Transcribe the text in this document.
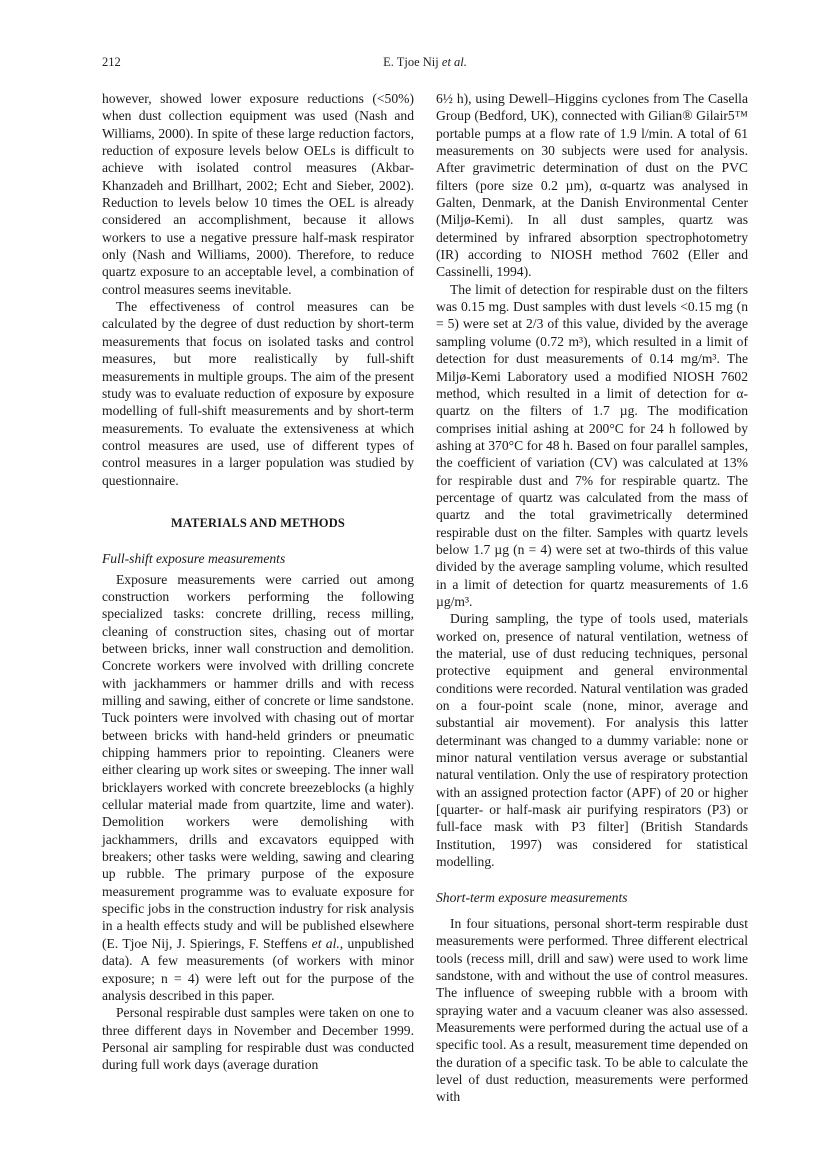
212	E. Tjoe Nij et al.

however, showed lower exposure reductions (<50%) when dust collection equipment was used (Nash and Williams, 2000). In spite of these large reduction factors, reduction of exposure levels below OELs is difficult to achieve with isolated control measures (Akbar-Khanzadeh and Brillhart, 2002; Echt and Sieber, 2002). Reduction to levels below 10 times the OEL is already considered an accomplishment, because it allows workers to use a negative pressure half-mask respirator only (Nash and Williams, 2000). Therefore, to reduce quartz exposure to an acceptable level, a combination of control measures seems inevitable.

The effectiveness of control measures can be calculated by the degree of dust reduction by short-term measurements that focus on isolated tasks and control measures, but more realistically by full-shift measurements in multiple groups. The aim of the present study was to evaluate reduction of exposure by exposure modelling of full-shift measurements and by short-term measurements. To evaluate the extensiveness at which control measures are used, use of different types of control measures in a larger population was studied by questionnaire.

MATERIALS AND METHODS
Full-shift exposure measurements

Exposure measurements were carried out among construction workers performing the following specialized tasks: concrete drilling, recess milling, cleaning of construction sites, chasing out of mortar between bricks, inner wall construction and demolition. Concrete workers were involved with drilling concrete with jackhammers or hammer drills and with recess milling and sawing, either of concrete or lime sandstone. Tuck pointers were involved with chasing out of mortar between bricks with hand-held grinders or pneumatic chipping hammers prior to repointing. Cleaners were either clearing up work sites or sweeping. The inner wall bricklayers worked with concrete breezeblocks (a highly cellular material made from quartzite, lime and water). Demolition workers were demolishing with jackhammers, drills and excavators equipped with breakers; other tasks were welding, sawing and clearing up rubble. The primary purpose of the exposure measurement programme was to evaluate exposure for specific jobs in the construction industry for risk analysis in a health effects study and will be published elsewhere (E. Tjoe Nij, J. Spierings, F. Steffens et al., unpublished data). A few measurements (of workers with minor exposure; n = 4) were left out for the purpose of the analysis described in this paper.

Personal respirable dust samples were taken on one to three different days in November and December 1999. Personal air sampling for respirable dust was conducted during full work days (average duration

6½ h), using Dewell–Higgins cyclones from The Casella Group (Bedford, UK), connected with Gilian® Gilair5™ portable pumps at a flow rate of 1.9 l/min. A total of 61 measurements on 30 subjects were used for analysis. After gravimetric determination of dust on the PVC filters (pore size 0.2 µm), α-quartz was analysed in Galten, Denmark, at the Danish Environmental Center (Miljø-Kemi). In all dust samples, quartz was determined by infrared absorption spectrophotometry (IR) according to NIOSH method 7602 (Eller and Cassinelli, 1994).

The limit of detection for respirable dust on the filters was 0.15 mg. Dust samples with dust levels <0.15 mg (n = 5) were set at 2/3 of this value, divided by the average sampling volume (0.72 m³), which resulted in a limit of detection for dust measurements of 0.14 mg/m³. The Miljø-Kemi Laboratory used a modified NIOSH 7602 method, which resulted in a limit of detection for α-quartz on the filters of 1.7 µg. The modification comprises initial ashing at 200°C for 24 h followed by ashing at 370°C for 48 h. Based on four parallel samples, the coefficient of variation (CV) was calculated at 13% for respirable dust and 7% for respirable quartz. The percentage of quartz was calculated from the mass of quartz and the total gravimetrically determined respirable dust on the filter. Samples with quartz levels below 1.7 µg (n = 4) were set at two-thirds of this value divided by the average sampling volume, which resulted in a limit of detection for quartz measurements of 1.6 µg/m³.

During sampling, the type of tools used, materials worked on, presence of natural ventilation, wetness of the material, use of dust reducing techniques, personal protective equipment and general environmental conditions were recorded. Natural ventilation was graded on a four-point scale (none, minor, average and substantial air movement). For analysis this latter determinant was changed to a dummy variable: none or minor natural ventilation versus average or substantial natural ventilation. Only the use of respiratory protection with an assigned protection factor (APF) of 20 or higher [quarter- or half-mask air purifying respirators (P3) or full-face mask with P3 filter] (British Standards Institution, 1997) was considered for statistical modelling.

Short-term exposure measurements

In four situations, personal short-term respirable dust measurements were performed. Three different electrical tools (recess mill, drill and saw) were used to work lime sandstone, with and without the use of control measures. The influence of sweeping rubble with a broom with spraying water and a vacuum cleaner was also assessed. Measurements were performed during the actual use of a specific tool. As a result, measurement time depended on the duration of a specific task. To be able to calculate the level of dust reduction, measurements were performed with
